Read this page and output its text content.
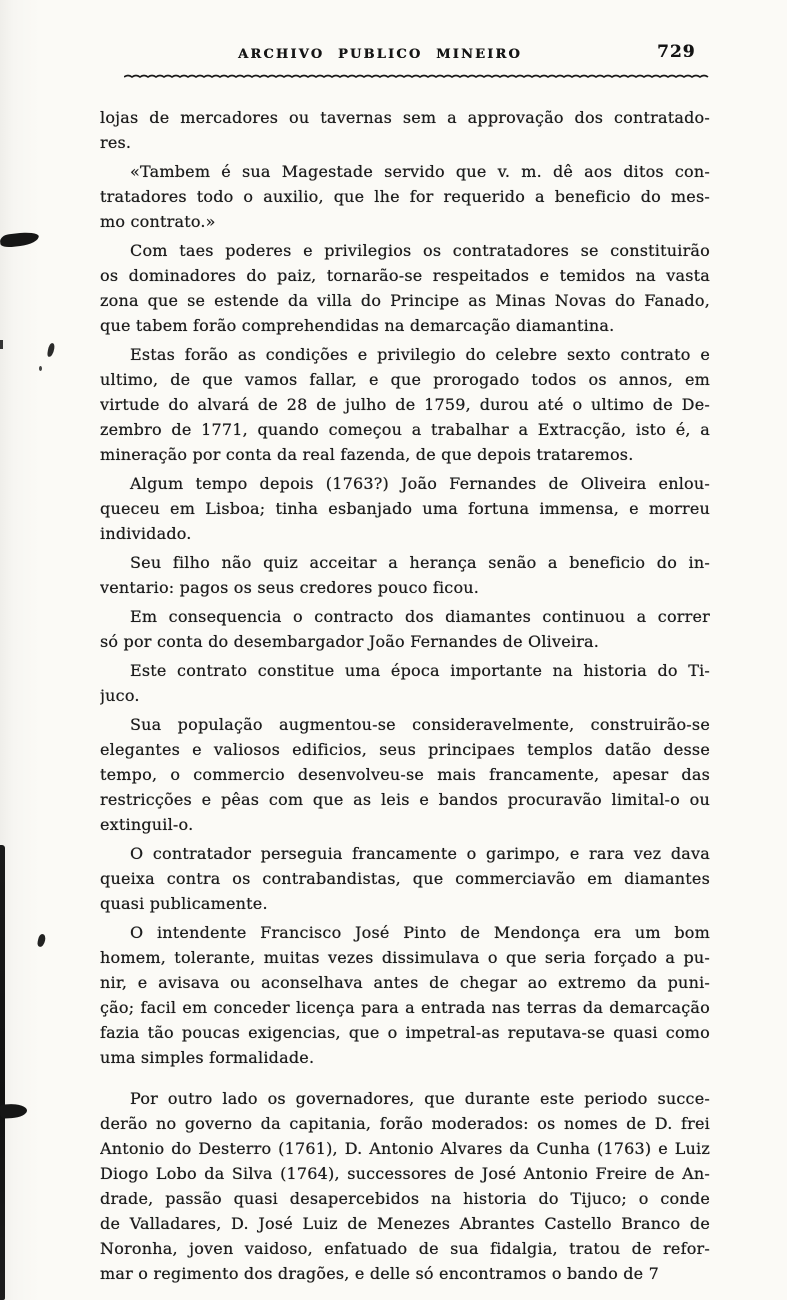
ARCHIVO PUBLICO MINEIRO	729
lojas de mercadores ou tavernas sem a approvação dos contratado-
res.
«Tambem é sua Magestade servido que v. m. dê aos ditos con-
tratadores todo o auxilio, que lhe for requerido a beneficio do mes-
mo contrato.»
Com taes poderes e privilegios os contratadores se constituirão
os dominadores do paiz, tornarão-se respeitados e temidos na vasta
zona que se estende da villa do Principe as Minas Novas do Fanado,
que tabem forão comprehendidas na demarcação diamantina.
Estas forão as condições e privilegio do celebre sexto contrato e
ultimo, de que vamos fallar, e que prorogado todos os annos, em
virtude do alvará de 28 de julho de 1759, durou até o ultimo de De-
zembro de 1771, quando começou a trabalhar a Extracção, isto é, a
mineração por conta da real fazenda, de que depois trataremos.
Algum tempo depois (1763?) João Fernandes de Oliveira enlou-
queceu em Lisboa; tinha esbanjado uma fortuna immensa, e morreu
individado.
Seu filho não quiz acceitar a herança senão a beneficio do in-
ventario: pagos os seus credores pouco ficou.
Em consequencia o contracto dos diamantes continuou a correr
só por conta do desembargador João Fernandes de Oliveira.
Este contrato constitue uma época importante na historia do Ti-
juco.
Sua população augmentou-se consideravelmente, construirão-se
elegantes e valiosos edificios, seus principaes templos datão desse
tempo, o commercio desenvolveu-se mais francamente, apesar das
restricções e pêas com que as leis e bandos procuravão limital-o ou
extinguil-o.
O contratador perseguia francamente o garimpo, e rara vez dava
queixa contra os contrabandistas, que commerciavão em diamantes
quasi publicamente.
O intendente Francisco José Pinto de Mendonça era um bom
homem, tolerante, muitas vezes dissimulava o que seria forçado a pu-
nir, e avisava ou aconselhava antes de chegar ao extremo da puni-
ção; facil em conceder licença para a entrada nas terras da demarcação
fazia tão poucas exigencias, que o impetral-as reputava-se quasi como
uma simples formalidade.
Por outro lado os governadores, que durante este periodo succe-
derão no governo da capitania, forão moderados: os nomes de D. frei
Antonio do Desterro (1761), D. Antonio Alvares da Cunha (1763) e Luiz
Diogo Lobo da Silva (1764), successores de José Antonio Freire de An-
drade, passão quasi desapercebidos na historia do Tijuco; o conde
de Valladares, D. José Luiz de Menezes Abrantes Castello Branco de
Noronha, joven vaidoso, enfatuado de sua fidalgia, tratou de refor-
mar o regimento dos dragões, e delle só encontramos o bando de 7
